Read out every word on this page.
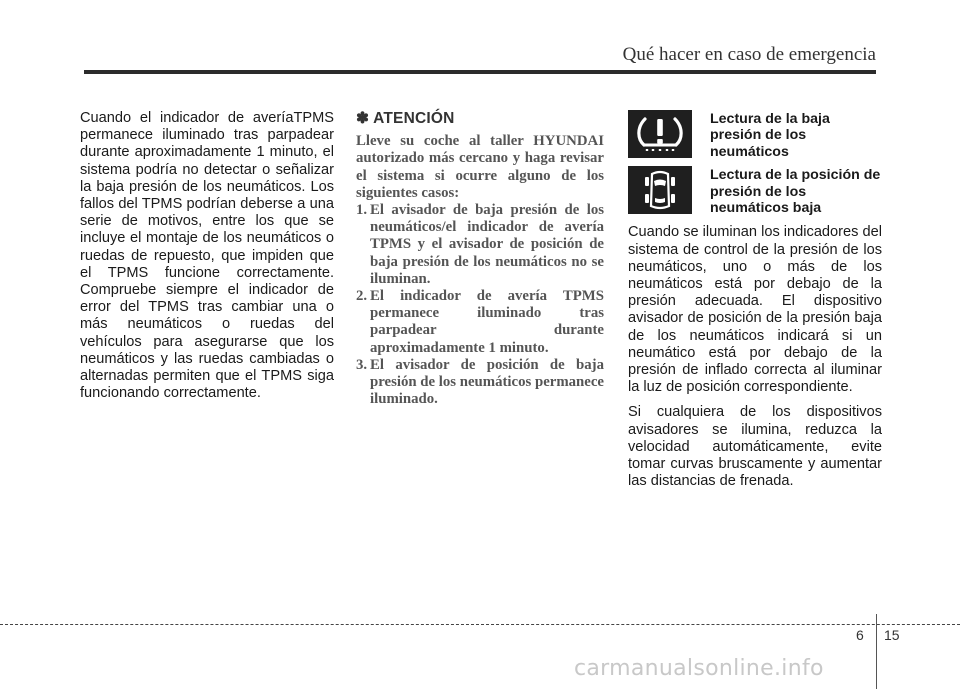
Qué hacer en caso de emergencia

Cuando el indicador de averíaTPMS permanece iluminado tras parpadear durante aproximadamente 1 minuto, el sistema podría no detectar o señalizar la baja presión de los neumáticos. Los fallos del TPMS podrían deberse a una serie de motivos, entre los que se incluye el montaje de los neumáticos o ruedas de repuesto, que impiden que el TPMS funcione correctamente. Compruebe siempre el indicador de error del TPMS tras cambiar una o más neumáticos o ruedas del vehículos para asegurarse que los neumáticos y las ruedas cambiadas o alternadas permiten que el TPMS siga funcionando correctamente.

✽ ATENCIÓN

Lleve su coche al taller HYUNDAI autorizado más cercano y haga revisar el sistema si ocurre alguno de los siguientes casos:

1. El avisador de baja presión de los neumáticos/el indicador de avería TPMS y el avisador de posición de baja presión de los neumáticos no se iluminan.
2. El indicador de avería TPMS permanece iluminado tras parpadear durante aproximadamente 1 minuto.
3. El avisador de posición de baja presión de los neumáticos permanece iluminado.
Lectura de la baja presión de los neumáticos
Lectura de la posición de presión de los neumáticos baja

Cuando se iluminan los indicadores del sistema de control de la presión de los neumáticos, uno o más de los neumáticos está por debajo de la presión adecuada. El dispositivo avisador de posición de la presión baja de los neumáticos indicará si un neumático está por debajo de la presión de inflado correcta al iluminar la luz de posición correspondiente.

Si cualquiera de los dispositivos avisadores se ilumina, reduzca la velocidad automáticamente, evite tomar curvas bruscamente y aumentar las distancias de frenada.

6 15
carmanualsonline.info
